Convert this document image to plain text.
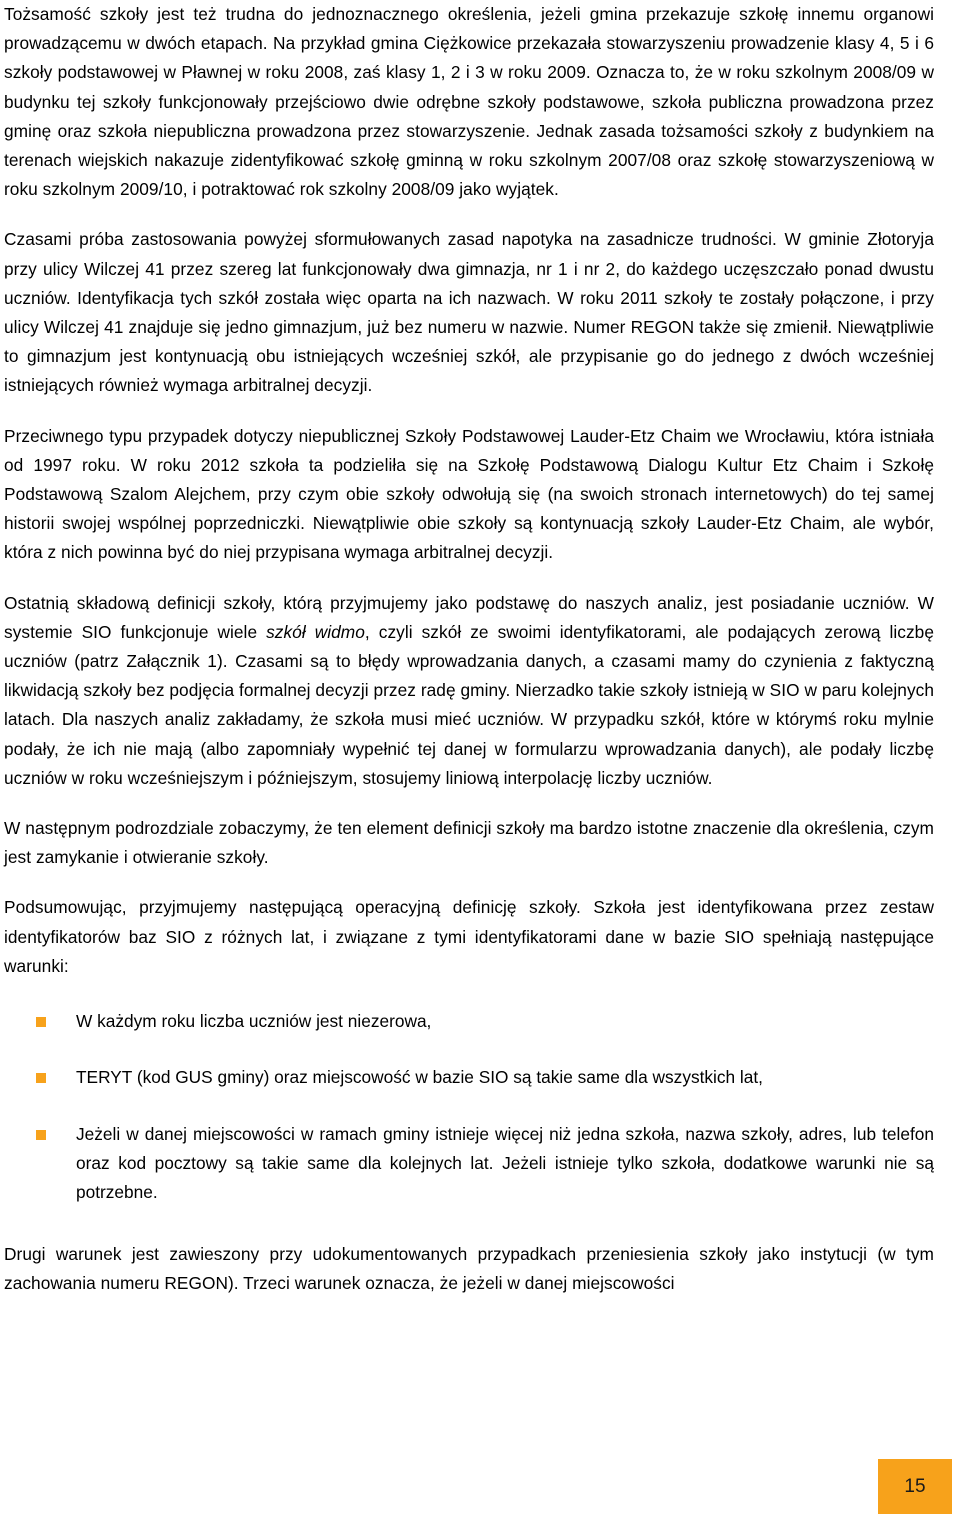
Tożsamość szkoły jest też trudna do jednoznacznego określenia, jeżeli gmina przekazuje szkołę innemu organowi prowadzącemu w dwóch etapach. Na przykład gmina Ciężkowice przekazała stowarzyszeniu prowadzenie klasy 4, 5 i 6 szkoły podstawowej w Pławnej w roku 2008, zaś klasy 1, 2 i 3 w roku 2009. Oznacza to, że w roku szkolnym 2008/09 w budynku tej szkoły funkcjonowały przejściowo dwie odrębne szkoły podstawowe, szkoła publiczna prowadzona przez gminę oraz szkoła niepubliczna prowadzona przez stowarzyszenie. Jednak zasada tożsamości szkoły z budynkiem na terenach wiejskich nakazuje zidentyfikować szkołę gminną w roku szkolnym 2007/08 oraz szkołę stowarzyszeniową w roku szkolnym 2009/10, i potraktować rok szkolny 2008/09 jako wyjątek.

Czasami próba zastosowania powyżej sformułowanych zasad napotyka na zasadnicze trudności. W gminie Złotoryja przy ulicy Wilczej 41 przez szereg lat funkcjonowały dwa gimnazja, nr 1 i nr 2, do każdego uczęszczało ponad dwustu uczniów. Identyfikacja tych szkół została więc oparta na ich nazwach. W roku 2011 szkoły te zostały połączone, i przy ulicy Wilczej 41 znajduje się jedno gimnazjum, już bez numeru w nazwie. Numer REGON także się zmienił. Niewątpliwie to gimnazjum jest kontynuacją obu istniejących wcześniej szkół, ale przypisanie go do jednego z dwóch wcześniej istniejących również wymaga arbitralnej decyzji.

Przeciwnego typu przypadek dotyczy niepublicznej Szkoły Podstawowej Lauder-Etz Chaim we Wrocławiu, która istniała od 1997 roku. W roku 2012 szkoła ta podzieliła się na Szkołę Podstawową Dialogu Kultur Etz Chaim i Szkołę Podstawową Szalom Alejchem, przy czym obie szkoły odwołują się (na swoich stronach internetowych) do tej samej historii swojej wspólnej poprzedniczki. Niewątpliwie obie szkoły są kontynuacją szkoły Lauder-Etz Chaim, ale wybór, która z nich powinna być do niej przypisana wymaga arbitralnej decyzji.

Ostatnią składową definicji szkoły, którą przyjmujemy jako podstawę do naszych analiz, jest posiadanie uczniów. W systemie SIO funkcjonuje wiele szkół widmo, czyli szkół ze swoimi identyfikatorami, ale podających zerową liczbę uczniów (patrz Załącznik 1). Czasami są to błędy wprowadzania danych, a czasami mamy do czynienia z faktyczną likwidacją szkoły bez podjęcia formalnej decyzji przez radę gminy. Nierzadko takie szkoły istnieją w SIO w paru kolejnych latach. Dla naszych analiz zakładamy, że szkoła musi mieć uczniów. W przypadku szkół, które w którymś roku mylnie podały, że ich nie mają (albo zapomniały wypełnić tej danej w formularzu wprowadzania danych), ale podały liczbę uczniów w roku wcześniejszym i późniejszym, stosujemy liniową interpolację liczby uczniów.

W następnym podrozdziale zobaczymy, że ten element definicji szkoły ma bardzo istotne znaczenie dla określenia, czym jest zamykanie i otwieranie szkoły.

Podsumowując, przyjmujemy następującą operacyjną definicję szkoły. Szkoła jest identyfikowana przez zestaw identyfikatorów baz SIO z różnych lat, i związane z tymi identyfikatorami dane w bazie SIO spełniają następujące warunki:

W każdym roku liczba uczniów jest niezerowa,
TERYT (kod GUS gminy) oraz miejscowość w bazie SIO są takie same dla wszystkich lat,
Jeżeli w danej miejscowości w ramach gminy istnieje więcej niż jedna szkoła, nazwa szkoły, adres, lub telefon oraz kod pocztowy są takie same dla kolejnych lat. Jeżeli istnieje tylko szkoła, dodatkowe warunki nie są potrzebne.

Drugi warunek jest zawieszony przy udokumentowanych przypadkach przeniesienia szkoły jako instytucji (w tym zachowania numeru REGON). Trzeci warunek oznacza, że jeżeli w danej miejscowości

15
